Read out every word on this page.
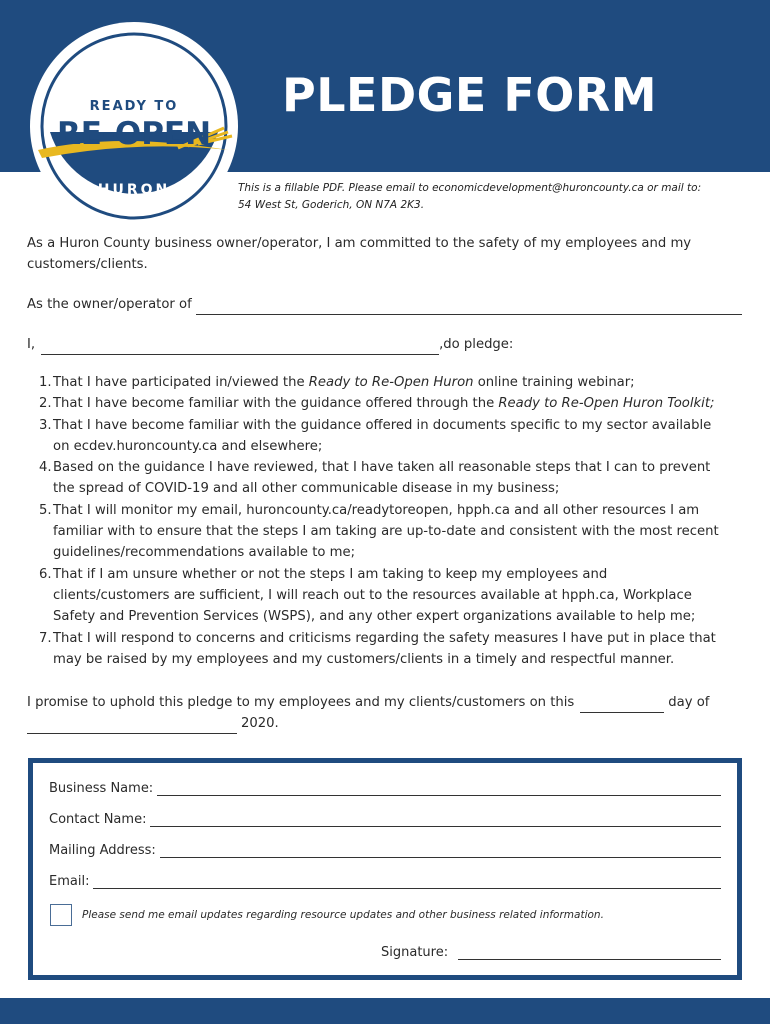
READY TO
RE-OPEN
HURON
PLEDGE FORM
This is a fillable PDF. Please email to economicdevelopment@huroncounty.ca or mail to:
54 West St, Goderich, ON N7A 2K3.
As a Huron County business owner/operator, I am committed to the safety of my employees and my
customers/clients.
As the owner/operator of
I,	,do pledge:
1. That I have participated in/viewed the Ready to Re-Open Huron online training webinar;
2. That I have become familiar with the guidance offered through the Ready to Re-Open Huron Toolkit;
3. That I have become familiar with the guidance offered in documents specific to my sector available
on ecdev.huroncounty.ca and elsewhere;
4. Based on the guidance I have reviewed, that I have taken all reasonable steps that I can to prevent
the spread of COVID-19 and all other communicable disease in my business;
5. That I will monitor my email, huroncounty.ca/readytoreopen, hpph.ca and all other resources I am
familiar with to ensure that the steps I am taking are up-to-date and consistent with the most recent
guidelines/recommendations available to me;
6. That if I am unsure whether or not the steps I am taking to keep my employees and
clients/customers are sufficient, I will reach out to the resources available at hpph.ca, Workplace
Safety and Prevention Services (WSPS), and any other expert organizations available to help me;
7. That I will respond to concerns and criticisms regarding the safety measures I have put in place that
may be raised by my employees and my customers/clients in a timely and respectful manner.
I promise to uphold this pledge to my employees and my clients/customers on this	day of
2020.
Business Name:
Contact Name:
Mailing Address:
Email:
Please send me email updates regarding resource updates and other business related information.
Signature:
